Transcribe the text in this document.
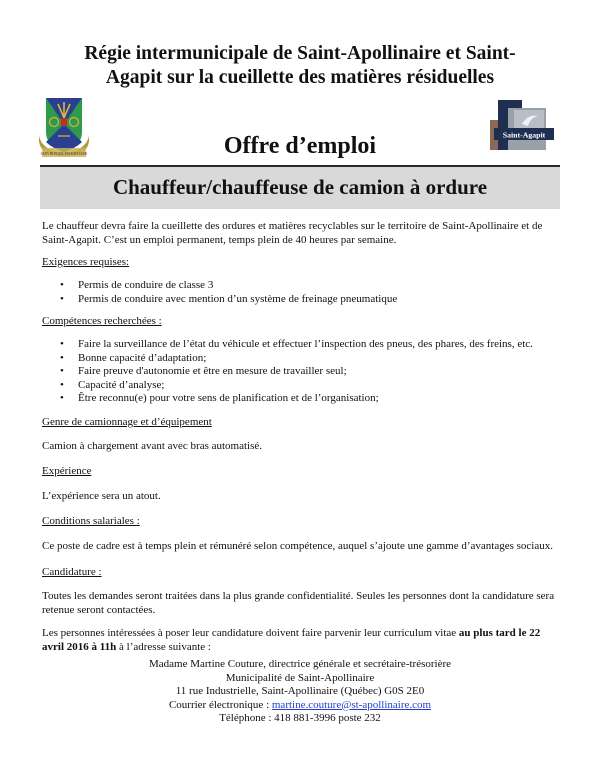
Régie intermunicipale de Saint-Apollinaire et Saint-
Agapit sur la cueillette des matières résiduelles
SERVIR POUR PROGRESSER
Saint-Agapit
Offre d’emploi
Chauffeur/chauffeuse de camion à ordure
Le chauffeur devra faire la cueillette des ordures et matières recyclables sur le territoire de Saint-Apollinaire et de Saint-Agapit. C’est un emploi permanent, temps plein de 40 heures par semaine.
Exigences requises:
• Permis de conduire de classe 3
• Permis de conduire avec mention d’un système de freinage pneumatique
Compétences recherchées :
• Faire la surveillance de l’état du véhicule et effectuer l’inspection des pneus, des phares, des freins, etc.
• Bonne capacité d’adaptation;
• Faire preuve d'autonomie et être en mesure de travailler seul;
• Capacité d’analyse;
• Être reconnu(e) pour votre sens de planification et de l’organisation;
Genre de camionnage et d’équipement
Camion à chargement avant avec bras automatisé.
Expérience
L’expérience sera un atout.
Conditions salariales :
Ce poste de cadre est à temps plein et rémunéré selon compétence, auquel s’ajoute une gamme d’avantages sociaux.
Candidature :
Toutes les demandes seront traitées dans la plus grande confidentialité. Seules les personnes dont la candidature sera retenue seront contactées.
Les personnes intéressées à poser leur candidature doivent faire parvenir leur curriculum vitae au plus tard le 22 avril 2016 à 11h à l’adresse suivante :
Madame Martine Couture, directrice générale et secrétaire-trésorière
Municipalité de Saint-Apollinaire
11 rue Industrielle, Saint-Apollinaire (Québec) G0S 2E0
Courrier électronique : martine.couture@st-apollinaire.com
Téléphone : 418 881-3996 poste 232
